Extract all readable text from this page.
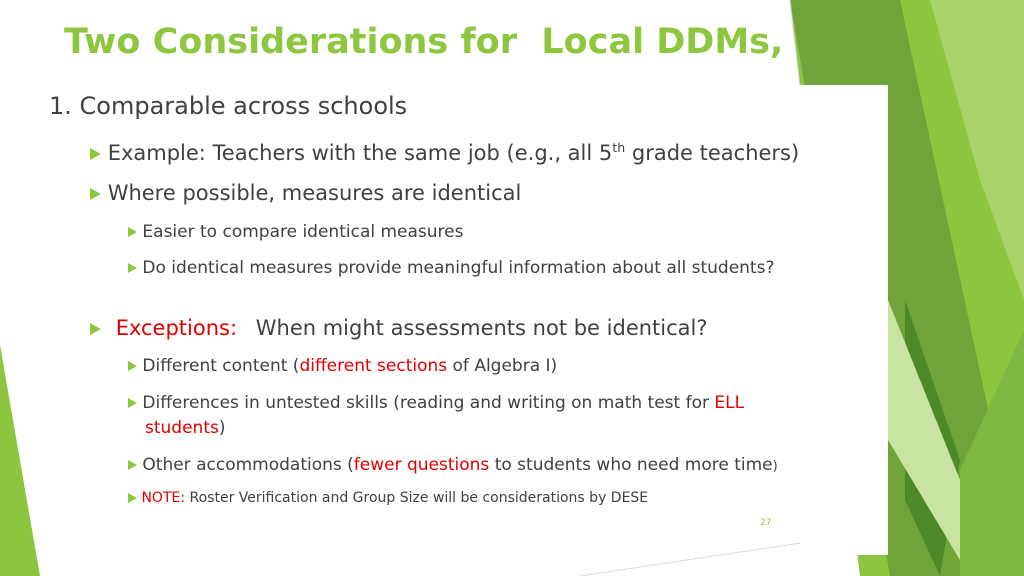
Two Considerations for  Local DDMs,
1. Comparable across schools
Example: Teachers with the same job (e.g., all 5th grade teachers)
Where possible, measures are identical
Easier to compare identical measures
Do identical measures provide meaningful information about all students?
Exceptions: When might assessments not be identical?
Different content (different sections of Algebra I)
Differences in untested skills (reading and writing on math test for ELL
students)
Other accommodations (fewer questions to students who need more time)
NOTE: Roster Verification and Group Size will be considerations by DESE
27
